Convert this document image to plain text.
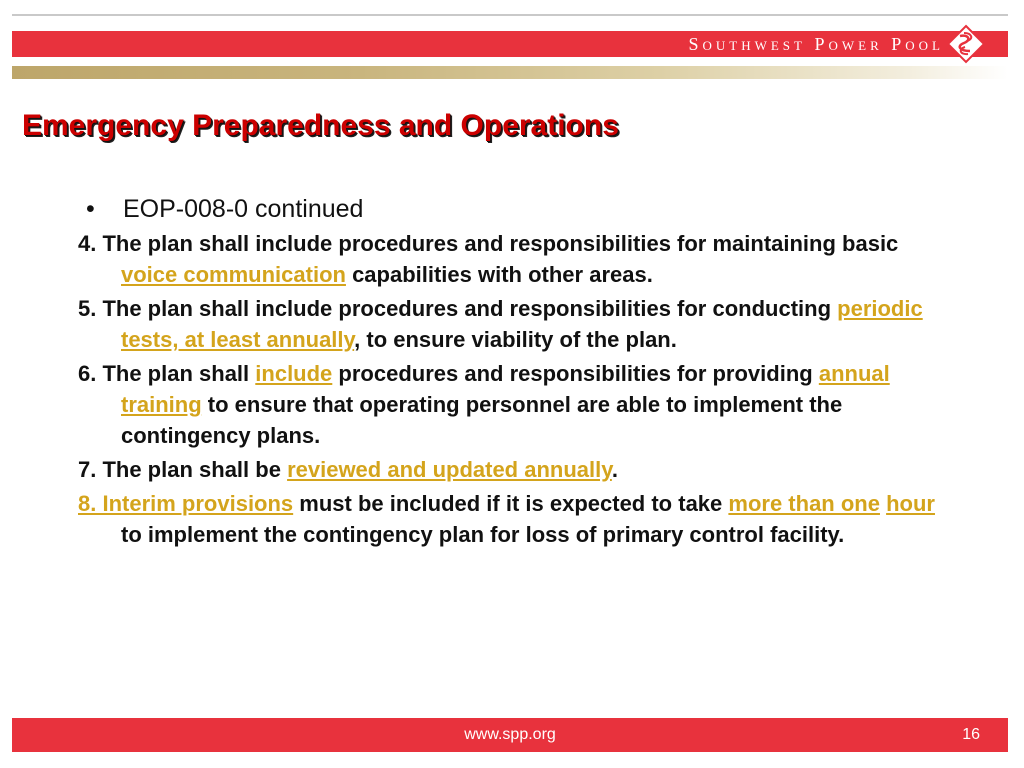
Southwest Power Pool
Emergency Preparedness and Operations
• EOP-008-0 continued
4. The plan shall include procedures and responsibilities for maintaining basic voice communication capabilities with other areas.
5. The plan shall include procedures and responsibilities for conducting periodic tests, at least annually, to ensure viability of the plan.
6. The plan shall include procedures and responsibilities for providing annual training to ensure that operating personnel are able to implement the contingency plans.
7. The plan shall be reviewed and updated annually.
8. Interim provisions must be included if it is expected to take more than one hour to implement the contingency plan for loss of primary control facility.
www.spp.org	16
